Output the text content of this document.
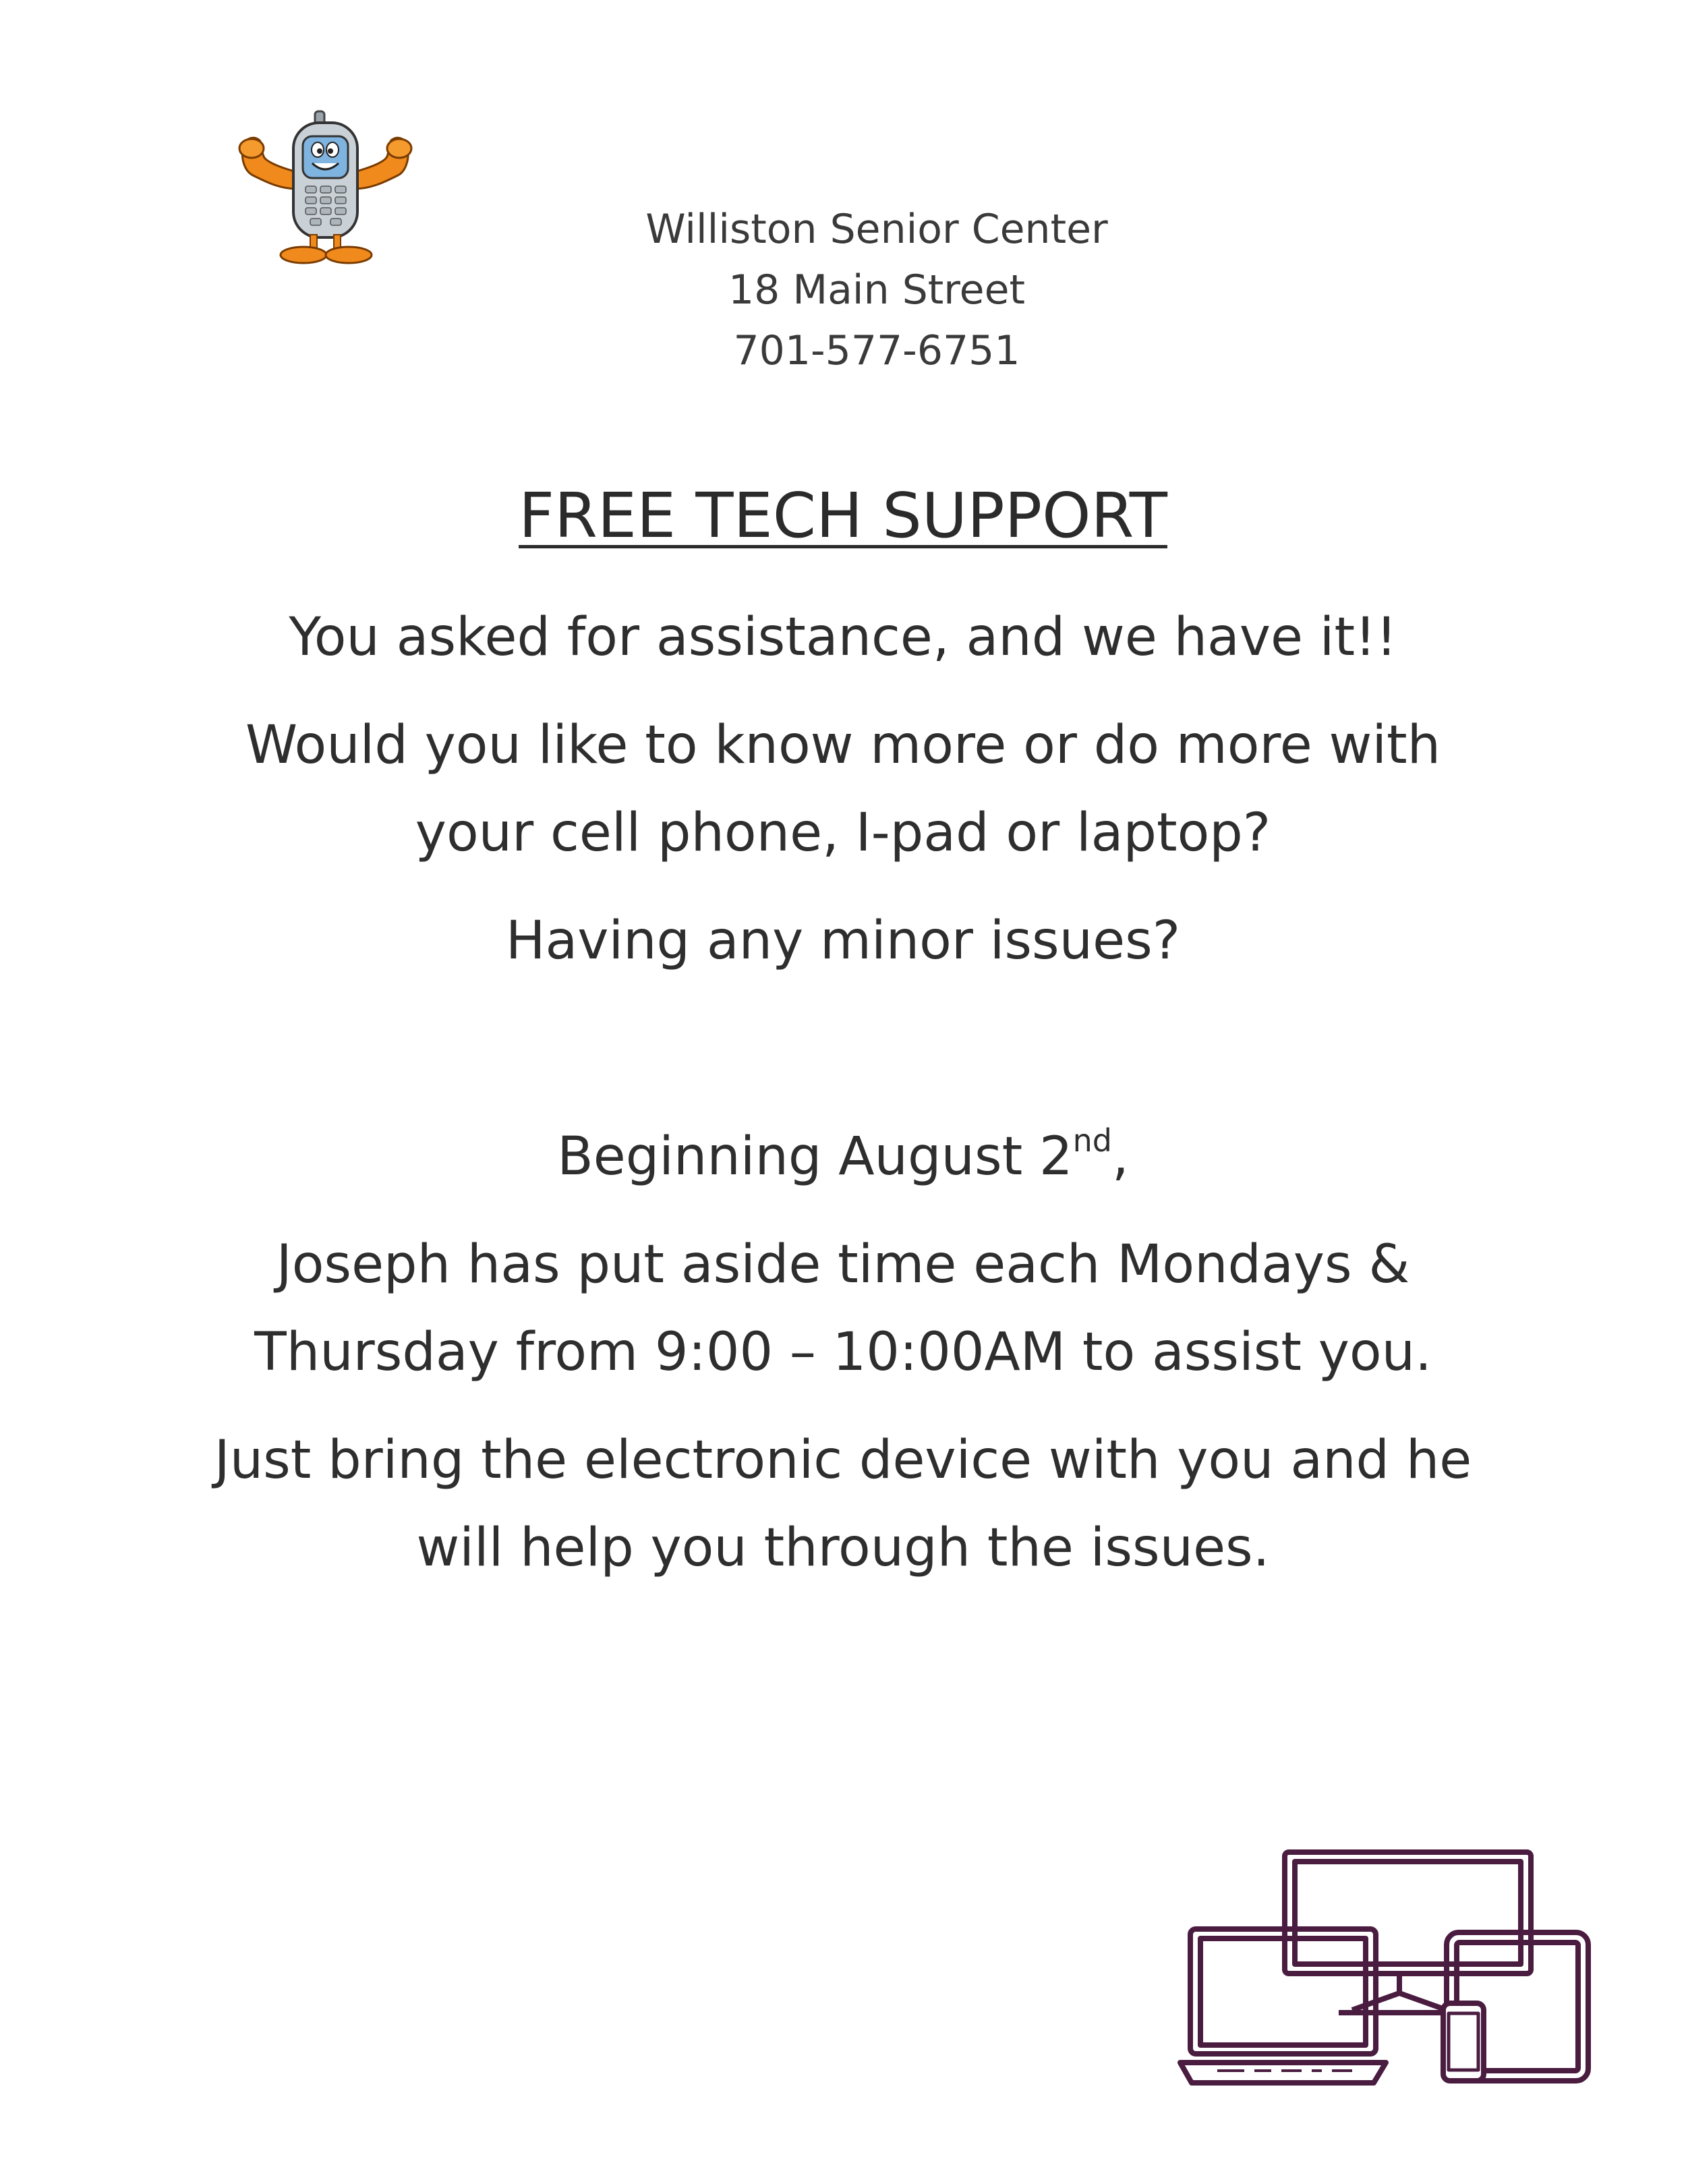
Williston Senior Center
18 Main Street
701-577-6751
FREE TECH SUPPORT
You asked for assistance, and we have it!!
Would you like to know more or do more with
your cell phone, I-pad or laptop?
Having any minor issues?
Beginning August 2nd,
Joseph has put aside time each Mondays &
Thursday from 9:00 – 10:00AM to assist you.
Just bring the electronic device with you and he
will help you through the issues.
